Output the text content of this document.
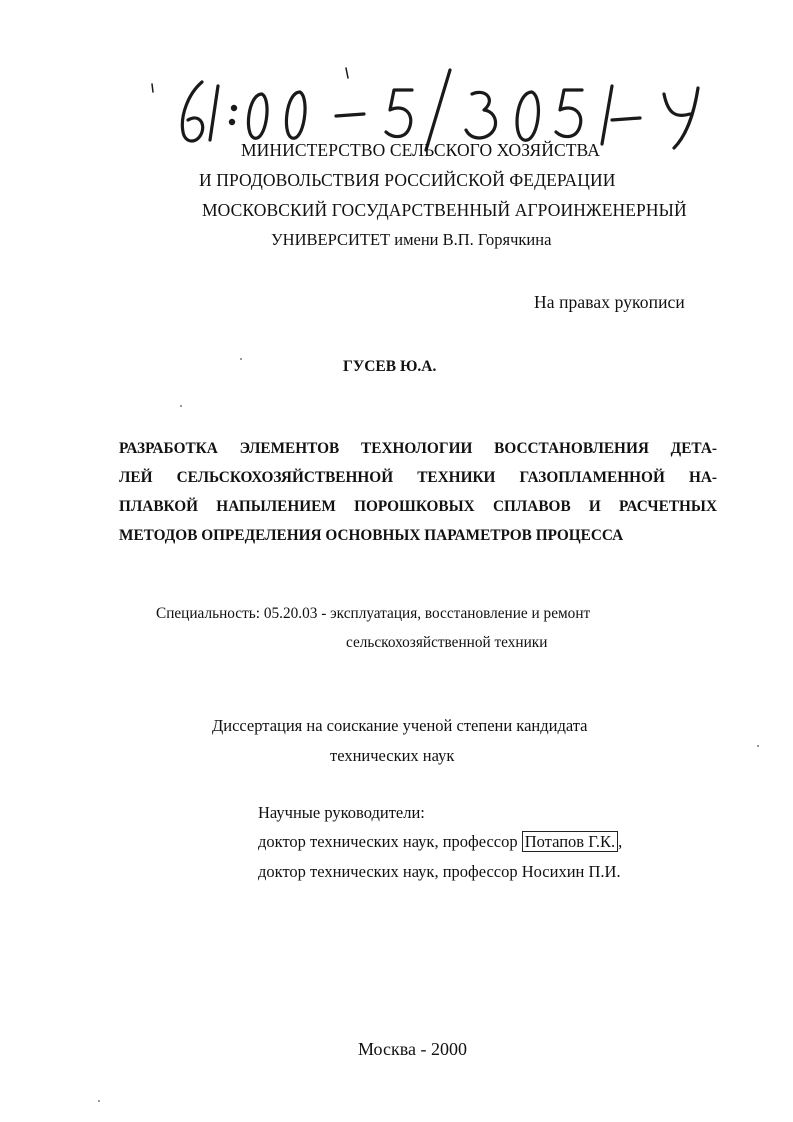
МИНИСТЕРСТВО СЕЛЬСКОГО ХОЗЯЙСТВА
И ПРОДОВОЛЬСТВИЯ РОССИЙСКОЙ ФЕДЕРАЦИИ
МОСКОВСКИЙ ГОСУДАРСТВЕННЫЙ АГРОИНЖЕНЕРНЫЙ
УНИВЕРСИТЕТ имени В.П. Горячкина
На правах рукописи
ГУСЕВ Ю.А.
РАЗРАБОТКА ЭЛЕМЕНТОВ ТЕХНОЛОГИИ ВОССТАНОВЛЕНИЯ ДЕТА-
ЛЕЙ СЕЛЬСКОХОЗЯЙСТВЕННОЙ ТЕХНИКИ ГАЗОПЛАМЕННОЙ НА-
ПЛАВКОЙ НАПЫЛЕНИЕМ ПОРОШКОВЫХ СПЛАВОВ И РАСЧЕТНЫХ
МЕТОДОВ ОПРЕДЕЛЕНИЯ ОСНОВНЫХ ПАРАМЕТРОВ ПРОЦЕССА
Специальность: 05.20.03 - эксплуатация, восстановление и ремонт
сельскохозяйственной техники
Диссертация на соискание ученой степени кандидата
технических наук
Научные руководители:
доктор технических наук, профессор Потапов Г.К. ,
доктор технических наук, профессор Носихин П.И.
Москва - 2000
